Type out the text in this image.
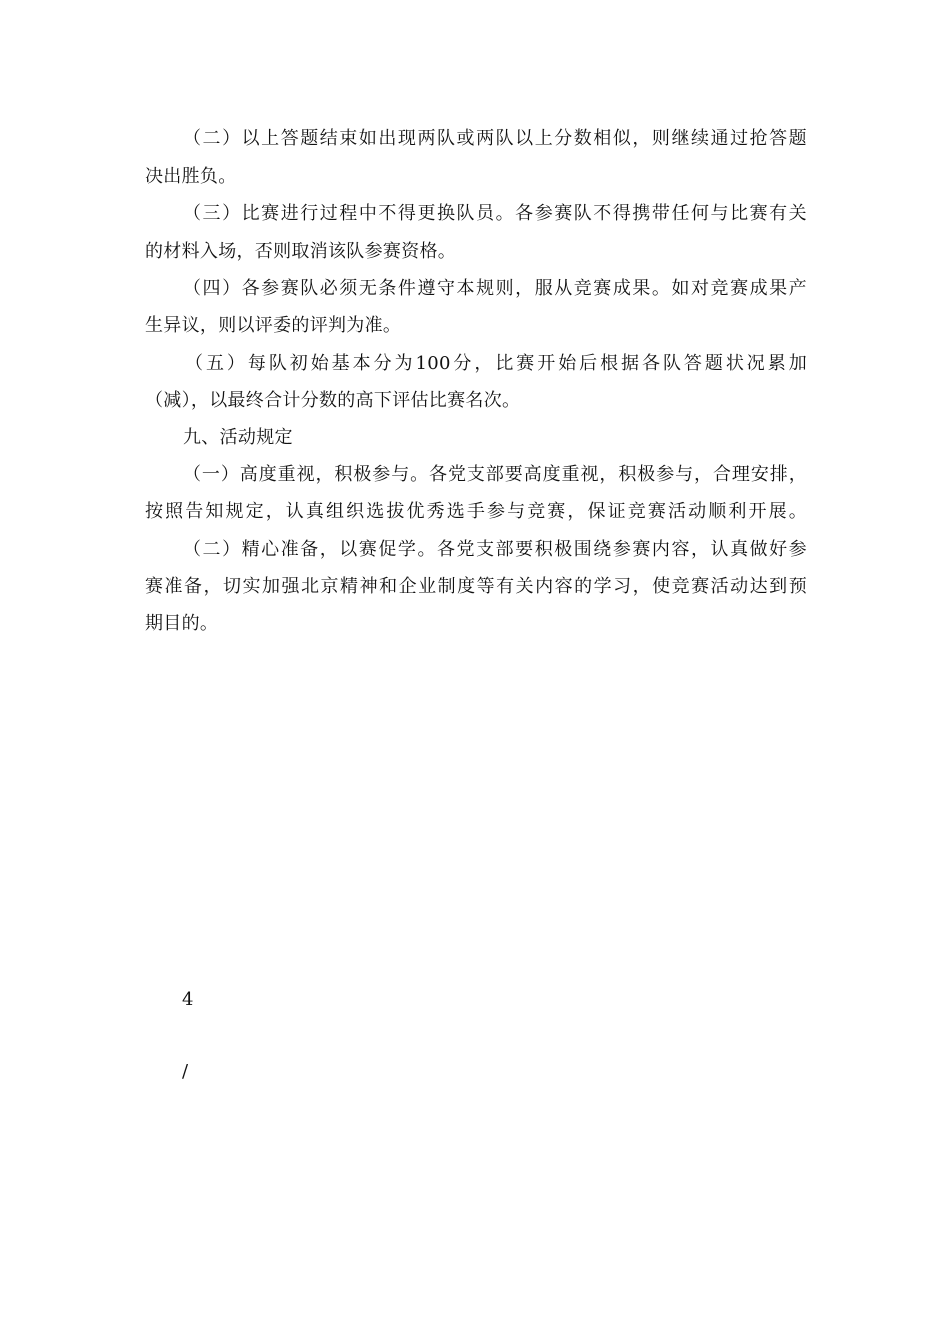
（二）以上答题结束如出现两队或两队以上分数相似，则继续通过抢答题
决出胜负。
（三）比赛进行过程中不得更换队员。各参赛队不得携带任何与比赛有关
的材料入场，否则取消该队参赛资格。
（四）各参赛队必须无条件遵守本规则，服从竞赛成果。如对竞赛成果产
生异议，则以评委的评判为准。
（五）每队初始基本分为100分，比赛开始后根据各队答题状况累加
（减），以最终合计分数的高下评估比赛名次。
九、活动规定
（一）高度重视，积极参与。各党支部要高度重视，积极参与，合理安排，
按照告知规定，认真组织选拔优秀选手参与竞赛，保证竞赛活动顺利开展。
（二）精心准备，以赛促学。各党支部要积极围绕参赛内容，认真做好参
赛准备，切实加强北京精神和企业制度等有关内容的学习，使竞赛活动达到预
期目的。
4
/
